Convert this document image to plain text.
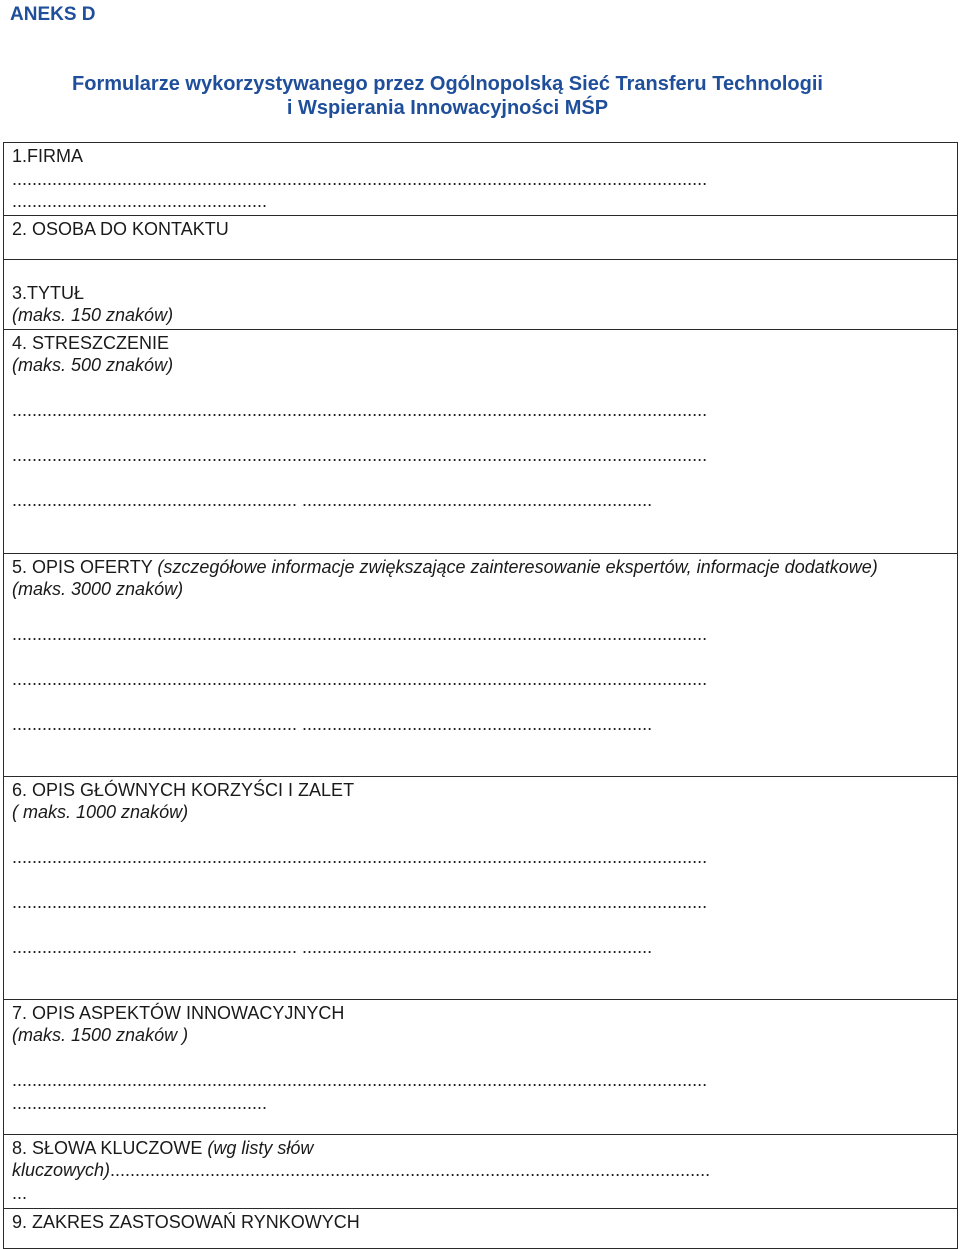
ANEKS D
Formularze wykorzystywanego przez Ogólnopolską Sieć Transferu Technologii
i Wspierania Innowacyjności MŚP
1.FIRMA
...........................................................................................................................................
...................................................

2. OSOBA DO KONTAKTU

3.TYTUŁ
(maks. 150 znaków)

4. STRESZCZENIE
(maks. 500 znaków)
...........................................................................................................................................
...........................................................................................................................................
......................................................... ......................................................................

5. OPIS OFERTY (szczegółowe informacje zwiększające zainteresowanie ekspertów, informacje dodatkowe)
(maks. 3000 znaków)
...........................................................................................................................................
...........................................................................................................................................
......................................................... ......................................................................

6. OPIS GŁÓWNYCH KORZYŚCI I ZALET
( maks. 1000 znaków)
...........................................................................................................................................
...........................................................................................................................................
......................................................... ......................................................................

7. OPIS ASPEKTÓW INNOWACYJNYCH
(maks. 1500 znaków )
...........................................................................................................................................
...................................................

8. SŁOWA KLUCZOWE (wg listy słów
kluczowych)........................................................................................................................
...

9. ZAKRES ZASTOSOWAŃ RYNKOWYCH
